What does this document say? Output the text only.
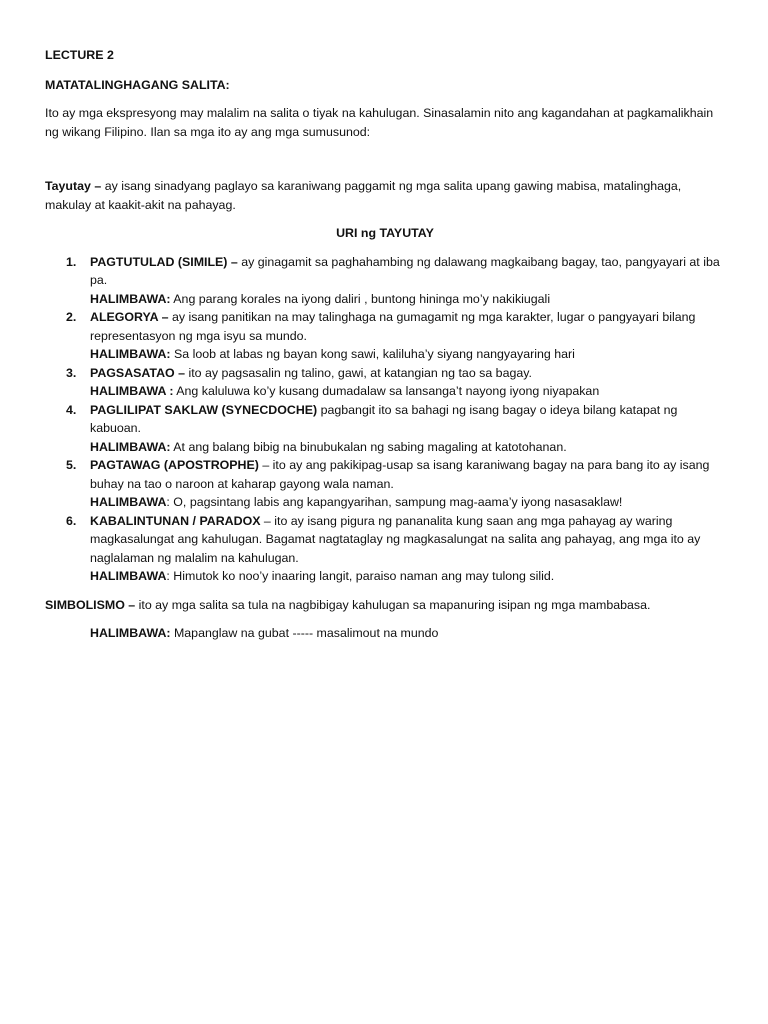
LECTURE 2

MATATALINGHAGANG SALITA:

Ito ay mga ekspresyong may malalim na salita o tiyak na kahulugan. Sinasalamin nito ang kagandahan at pagkamalikhain ng wikang Filipino. Ilan sa mga ito ay ang mga sumusunod:

Tayutay – ay isang sinadyang paglayo sa karaniwang paggamit ng mga salita upang gawing mabisa, matalinghaga, makulay at kaakit-akit na pahayag.

URI ng TAYUTAY

1. PAGTUTULAD (SIMILE) – ay ginagamit sa paghahambing ng dalawang magkaibang bagay, tao, pangyayari at iba pa.
HALIMBAWA: Ang parang korales na iyong daliri , buntong hininga mo’y nakikiugali
2. ALEGORYA – ay isang panitikan na may talinghaga na gumagamit ng mga karakter, lugar o pangyayari bilang representasyon ng mga isyu sa mundo.
HALIMBAWA: Sa loob at labas ng bayan kong sawi, kaliluha’y siyang nangyayaring hari
3. PAGSASATAO – ito ay pagsasalin ng talino, gawi, at katangian ng tao sa bagay.
HALIMBAWA : Ang kaluluwa ko’y kusang dumadalaw sa lansanga’t nayong iyong niyapakan
4. PAGLILIPAT SAKLAW (SYNECDOCHE) pagbangit ito sa bahagi ng isang bagay o ideya bilang katapat ng kabuoan.
HALIMBAWA: At ang balang bibig na binubukalan ng sabing magaling at katotohanan.
5. PAGTAWAG (APOSTROPHE) – ito ay ang pakikipag-usap sa isang karaniwang bagay na para bang ito ay isang buhay na tao o naroon at kaharap gayong wala naman.
HALIMBAWA: O, pagsintang labis ang kapangyarihan, sampung mag-aama’y iyong nasasaklaw!
6. KABALINTUNAN / PARADOX – ito ay isang pigura ng pananalita kung saan ang mga pahayag ay waring magkasalungat ang kahulugan. Bagamat nagtataglay ng magkasalungat na salita ang pahayag, ang mga ito ay naglalaman ng malalim na kahulugan.
HALIMBAWA: Himutok ko noo’y inaaring langit, paraiso naman ang may tulong silid.

SIMBOLISMO – ito ay mga salita sa tula na nagbibigay kahulugan sa mapanuring isipan ng mga mambabasa.

HALIMBAWA: Mapanglaw na gubat ----- masalimout na mundo
